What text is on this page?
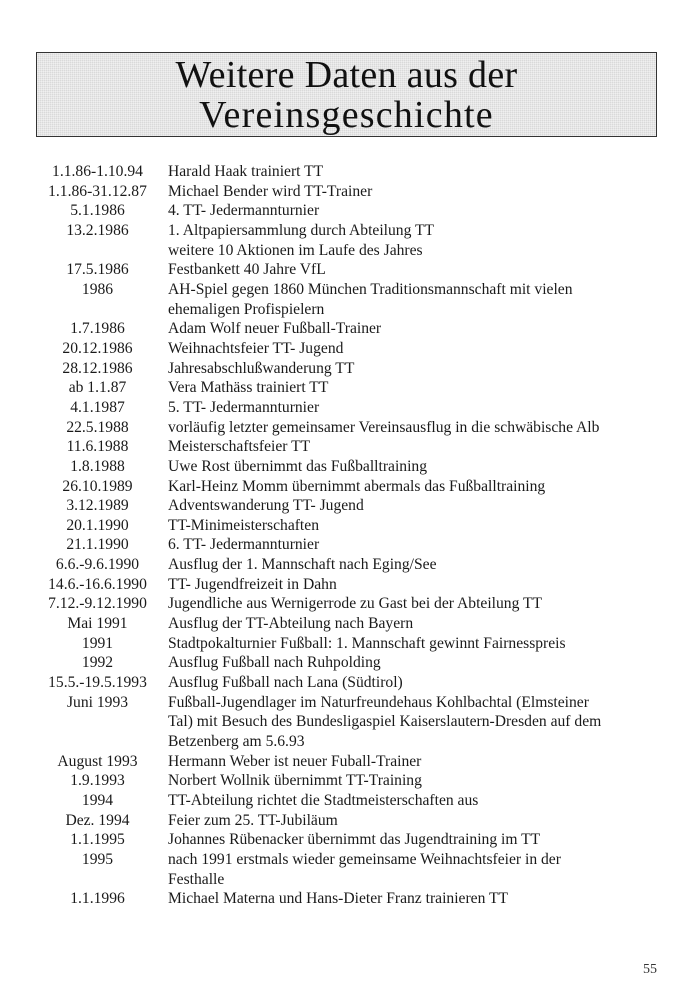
Weitere Daten aus der
Vereinsgeschichte
1.1.86-1.10.94	Harald Haak trainiert TT
1.1.86-31.12.87	Michael Bender wird TT-Trainer
5.1.1986	4. TT- Jedermannturnier
13.2.1986	1. Altpapiersammlung durch Abteilung TT
weitere 10 Aktionen im Laufe des Jahres
17.5.1986	Festbankett 40 Jahre VfL
1986	AH-Spiel gegen 1860 München Traditionsmannschaft mit vielen
ehemaligen Profispielern
1.7.1986	Adam Wolf neuer Fußball-Trainer
20.12.1986	Weihnachtsfeier TT- Jugend
28.12.1986	Jahresabschlußwanderung TT
ab 1.1.87	Vera Mathäss trainiert TT
4.1.1987	5. TT- Jedermannturnier
22.5.1988	vorläufig letzter gemeinsamer Vereinsausflug in die schwäbische Alb
11.6.1988	Meisterschaftsfeier TT
1.8.1988	Uwe Rost übernimmt das Fußballtraining
26.10.1989	Karl-Heinz Momm übernimmt abermals das Fußballtraining
3.12.1989	Adventswanderung TT- Jugend
20.1.1990	TT-Minimeisterschaften
21.1.1990	6. TT- Jedermannturnier
6.6.-9.6.1990	Ausflug der 1. Mannschaft nach Eging/See
14.6.-16.6.1990	TT- Jugendfreizeit in Dahn
7.12.-9.12.1990	Jugendliche aus Wernigerrode zu Gast bei der Abteilung TT
Mai 1991	Ausflug der TT-Abteilung nach Bayern
1991	Stadtpokalturnier Fußball: 1. Mannschaft gewinnt Fairnesspreis
1992	Ausflug Fußball nach Ruhpolding
15.5.-19.5.1993	Ausflug Fußball nach Lana (Südtirol)
Juni 1993	Fußball-Jugendlager im Naturfreundehaus Kohlbachtal (Elmsteiner
Tal) mit Besuch des Bundesligaspiel Kaiserslautern-Dresden auf dem
Betzenberg am 5.6.93
August 1993	Hermann Weber ist neuer Fuball-Trainer
1.9.1993	Norbert Wollnik übernimmt TT-Training
1994	TT-Abteilung richtet die Stadtmeisterschaften aus
Dez. 1994	Feier zum 25. TT-Jubiläum
1.1.1995	Johannes Rübenacker übernimmt das Jugendtraining im TT
1995	nach 1991 erstmals wieder gemeinsame Weihnachtsfeier in der
Festhalle
1.1.1996	Michael Materna und Hans-Dieter Franz trainieren TT
55
